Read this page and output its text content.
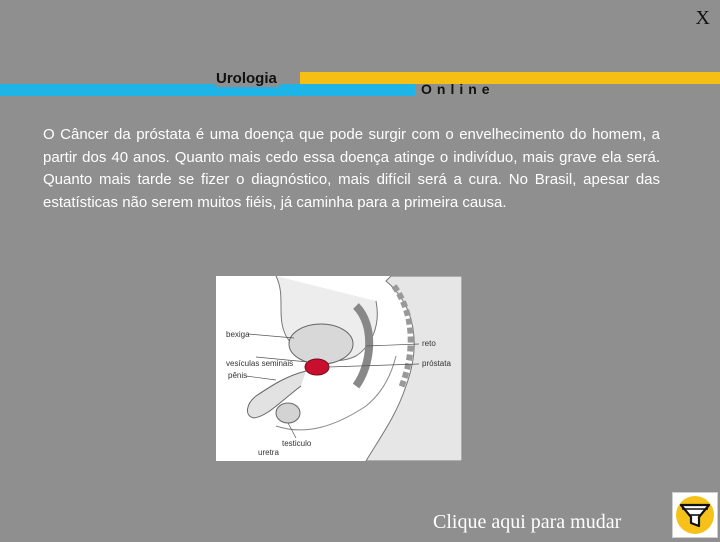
X
Urologia
Online

O Câncer da próstata é uma doença que pode surgir com o envelhecimento do homem, a partir dos 40 anos. Quanto mais cedo essa doença atinge o indivíduo, mais grave ela será. Quanto mais tarde se fizer o diagnóstico, mais difícil será a cura. No Brasil, apesar das estatísticas não serem muitos fiéis, já caminha para a primeira causa.

bexiga
vesículas seminais
pênis
reto
próstata
testiculo
uretra
Clique aqui para mudar
